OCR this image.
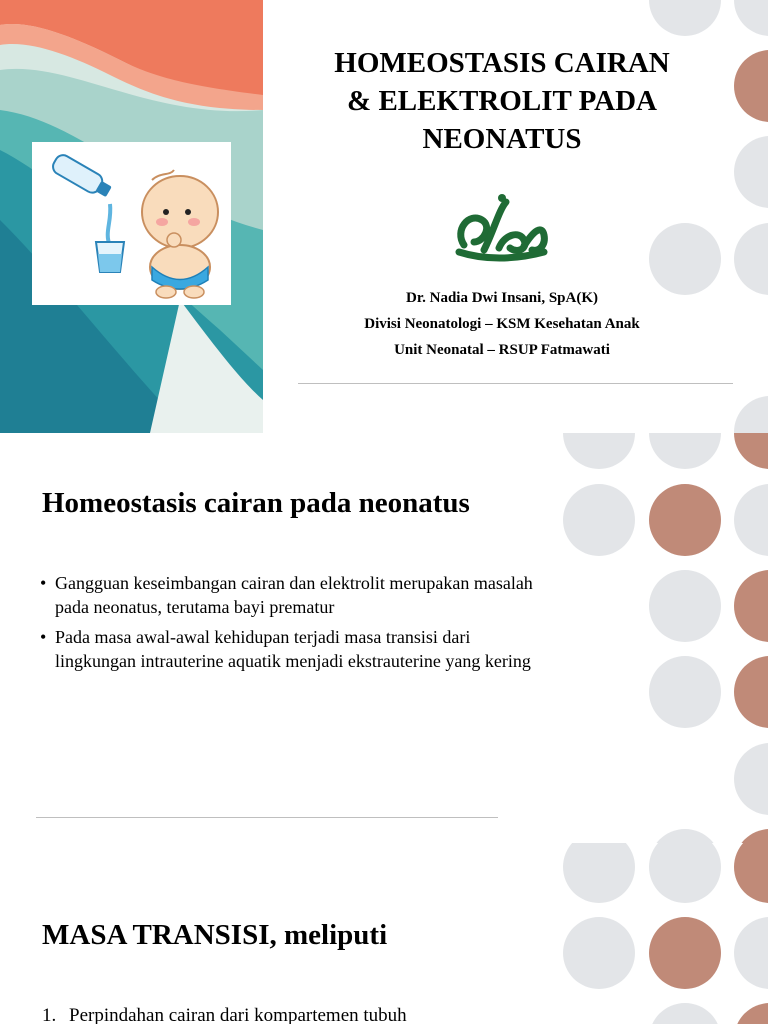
HOMEOSTASIS CAIRAN
& ELEKTROLIT PADA
NEONATUS

Dr. Nadia Dwi Insani, SpA(K)

Divisi Neonatologi – KSM Kesehatan Anak

Unit Neonatal – RSUP Fatmawati

Homeostasis cairan pada neonatus
• Gangguan keseimbangan cairan dan elektrolit merupakan masalah
pada neonatus, terutama bayi prematur
• Pada masa awal-awal kehidupan terjadi masa transisi dari
lingkungan intrauterine aquatik menjadi ekstrauterine yang kering
MASA TRANSISI, meliputi

1. Perpindahan cairan dari kompartemen tubuh
